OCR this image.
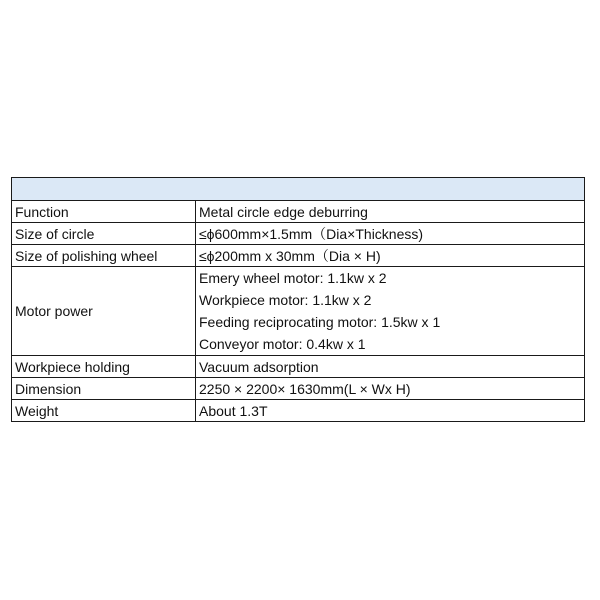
Function	Metal circle edge deburring
Size of circle	≤ϕ600mm×1.5mm（Dia×Thickness)
Size of polishing wheel	≤ϕ200mm x 30mm（Dia × H)
Motor power	Emery wheel motor: 1.1kw x 2
Workpiece motor: 1.1kw x 2
Feeding reciprocating motor: 1.5kw x 1
Conveyor motor: 0.4kw x 1

Workpiece holding	Vacuum adsorption
Dimension	2250 × 2200× 1630mm(L × Wx H)
Weight	About 1.3T
